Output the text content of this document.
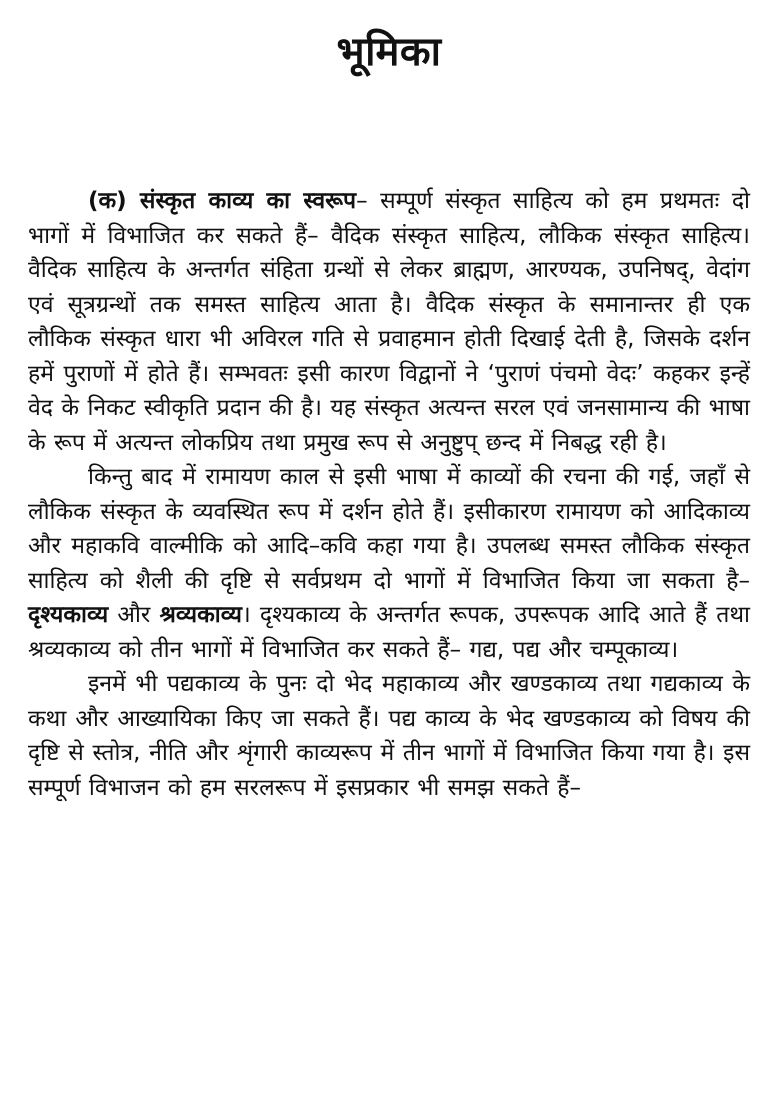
भूमिका

(क) संस्कृत काव्य का स्वरूप– सम्पूर्ण संस्कृत साहित्य को हम प्रथमतः दो भागों में विभाजित कर सकते हैं– वैदिक संस्कृत साहित्य, लौकिक संस्कृत साहित्य। वैदिक साहित्य के अन्तर्गत संहिता ग्रन्थों से लेकर ब्राह्मण, आरण्यक, उपनिषद्, वेदांग एवं सूत्रग्रन्थों तक समस्त साहित्य आता है। वैदिक संस्कृत के समानान्तर ही एक लौकिक संस्कृत धारा भी अविरल गति से प्रवाहमान होती दिखाई देती है, जिसके दर्शन हमें पुराणों में होते हैं। सम्भवतः इसी कारण विद्वानों ने ‘पुराणं पंचमो वेदः’ कहकर इन्हें वेद के निकट स्वीकृति प्रदान की है। यह संस्कृत अत्यन्त सरल एवं जनसामान्य की भाषा के रूप में अत्यन्त लोकप्रिय तथा प्रमुख रूप से अनुष्टुप् छन्द में निबद्ध रही है।

किन्तु बाद में रामायण काल से इसी भाषा में काव्यों की रचना की गई, जहाँ से लौकिक संस्कृत के व्यवस्थित रूप में दर्शन होते हैं। इसीकारण रामायण को आदिकाव्य और महाकवि वाल्मीकि को आदि–कवि कहा गया है। उपलब्ध समस्त लौकिक संस्कृत साहित्य को शैली की दृष्टि से सर्वप्रथम दो भागों में विभाजित किया जा सकता है– दृश्यकाव्य और श्रव्यकाव्य। दृश्यकाव्य के अन्तर्गत रूपक, उपरूपक आदि आते हैं तथा श्रव्यकाव्य को तीन भागों में विभाजित कर सकते हैं– गद्य, पद्य और चम्पूकाव्य।

इनमें भी पद्यकाव्य के पुनः दो भेद महाकाव्य और खण्डकाव्य तथा गद्यकाव्य के कथा और आख्यायिका किए जा सकते हैं। पद्य काव्य के भेद खण्डकाव्य को विषय की दृष्टि से स्तोत्र, नीति और शृंगारी काव्यरूप में तीन भागों में विभाजित किया गया है। इस सम्पूर्ण विभाजन को हम सरलरूप में इसप्रकार भी समझ सकते हैं–
